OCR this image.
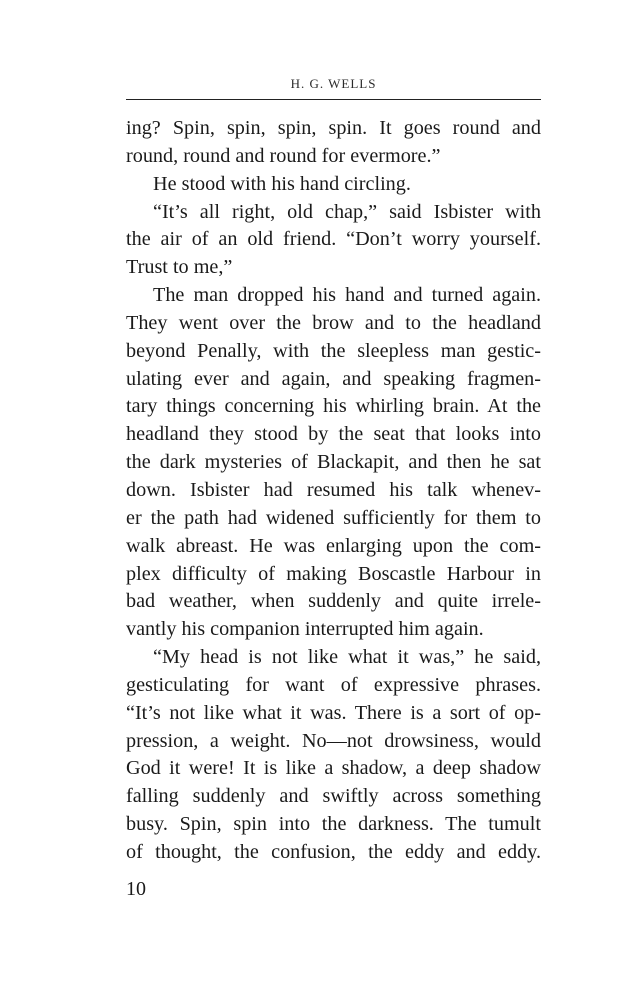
H. G. WELLS
ing? Spin, spin, spin, spin. It goes round and
round, round and round for evermore.”
He stood with his hand circling.
“It’s all right, old chap,” said Isbister with
the air of an old friend. “Don’t worry yourself.
Trust to me,”
The man dropped his hand and turned again.
They went over the brow and to the headland
beyond Penally, with the sleepless man gestic-
ulating ever and again, and speaking fragmen-
tary things concerning his whirling brain. At the
headland they stood by the seat that looks into
the dark mysteries of Blackapit, and then he sat
down. Isbister had resumed his talk whenev-
er the path had widened sufficiently for them to
walk abreast. He was enlarging upon the com-
plex difficulty of making Boscastle Harbour in
bad weather, when suddenly and quite irrele-
vantly his companion interrupted him again.
“My head is not like what it was,” he said,
gesticulating for want of expressive phrases.
“It’s not like what it was. There is a sort of op-
pression, a weight. No—not drowsiness, would
God it were! It is like a shadow, a deep shadow
falling suddenly and swiftly across something
busy. Spin, spin into the darkness. The tumult
of thought, the confusion, the eddy and eddy.
10
